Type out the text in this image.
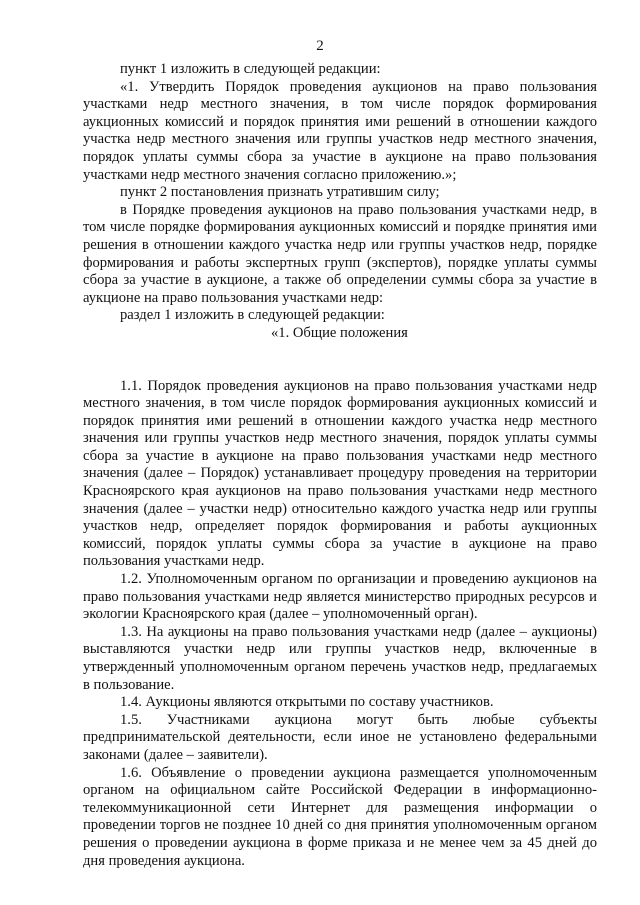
2

пункт 1 изложить в следующей редакции:

«1. Утвердить Порядок проведения аукционов на право пользования участками недр местного значения, в том числе порядок формирования аукционных комиссий и порядок принятия ими решений в отношении каждого участка недр местного значения или группы участков недр местного значения, порядок уплаты суммы сбора за участие в аукционе на право пользования участками недр местного значения согласно приложению.»;

пункт 2 постановления признать утратившим силу;

в Порядке проведения аукционов на право пользования участками недр, в том числе порядке формирования аукционных комиссий и порядке принятия ими решения в отношении каждого участка недр или группы участков недр, порядке формирования и работы экспертных групп (экспертов), порядке уплаты суммы сбора за участие в аукционе, а также об определении суммы сбора за участие в аукционе на право пользования участками недр:

раздел 1 изложить в следующей редакции:

«1. Общие положения

1.1. Порядок проведения аукционов на право пользования участками недр местного значения, в том числе порядок формирования аукционных комиссий и порядок принятия ими решений в отношении каждого участка недр местного значения или группы участков недр местного значения, порядок уплаты суммы сбора за участие в аукционе на право пользования участками недр местного значения (далее – Порядок) устанавливает процедуру проведения на территории Красноярского края аукционов на право пользования участками недр местного значения (далее – участки недр) относительно каждого участка недр или группы участков недр, определяет порядок формирования и работы аукционных комиссий, порядок уплаты суммы сбора за участие в аукционе на право пользования участками недр.

1.2. Уполномоченным органом по организации и проведению аукционов на право пользования участками недр является министерство природных ресурсов и экологии Красноярского края (далее – уполномоченный орган).

1.3. На аукционы на право пользования участками недр (далее – аукционы) выставляются участки недр или группы участков недр, включенные в утвержденный уполномоченным органом перечень участков недр, предлагаемых в пользование.

1.4. Аукционы являются открытыми по составу участников.

1.5. Участниками аукциона могут быть любые субъекты предпринимательской деятельности, если иное не установлено федеральными законами (далее – заявители).

1.6. Объявление о проведении аукциона размещается уполномоченным органом на официальном сайте Российской Федерации в информационно-телекоммуникационной сети Интернет для размещения информации о проведении торгов не позднее 10 дней со дня принятия уполномоченным органом решения о проведении аукциона в форме приказа и не менее чем за 45 дней до дня проведения аукциона.
